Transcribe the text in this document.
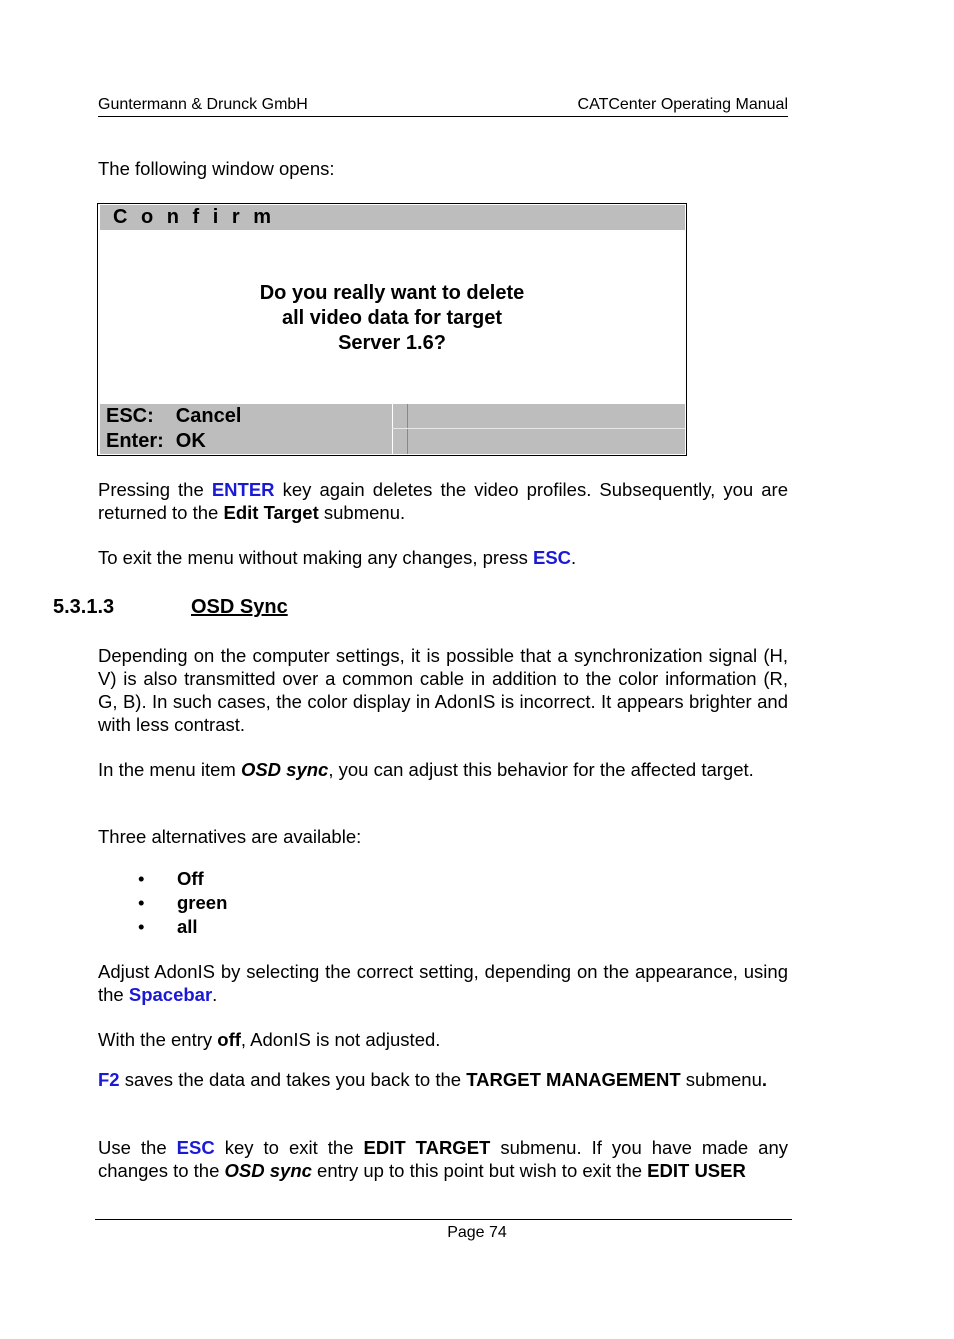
Guntermann & Drunck GmbH	CATCenter Operating Manual
The following window opens:
C o n f i r m
Do you really want to delete
all video data for target
Server 1.6?
ESC: Cancel
Enter: OK
Pressing the ENTER key again deletes the video profiles. Subsequently, you are returned to the Edit Target submenu.
To exit the menu without making any changes, press ESC.
5.3.1.3	OSD Sync
Depending on the computer settings, it is possible that a synchronization signal (H, V) is also transmitted over a common cable in addition to the color information (R, G, B). In such cases, the color display in AdonIS is incorrect. It appears brighter and with less contrast.
In the menu item OSD sync, you can adjust this behavior for the affected target.
Three alternatives are available:
• Off
• green
• all
Adjust AdonIS by selecting the correct setting, depending on the appearance, using the Spacebar.
With the entry off, AdonIS is not adjusted.
F2 saves the data and takes you back to the TARGET MANAGEMENT submenu.
Use the ESC key to exit the EDIT TARGET submenu. If you have made any changes to the OSD sync entry up to this point but wish to exit the EDIT USER
Page 74
